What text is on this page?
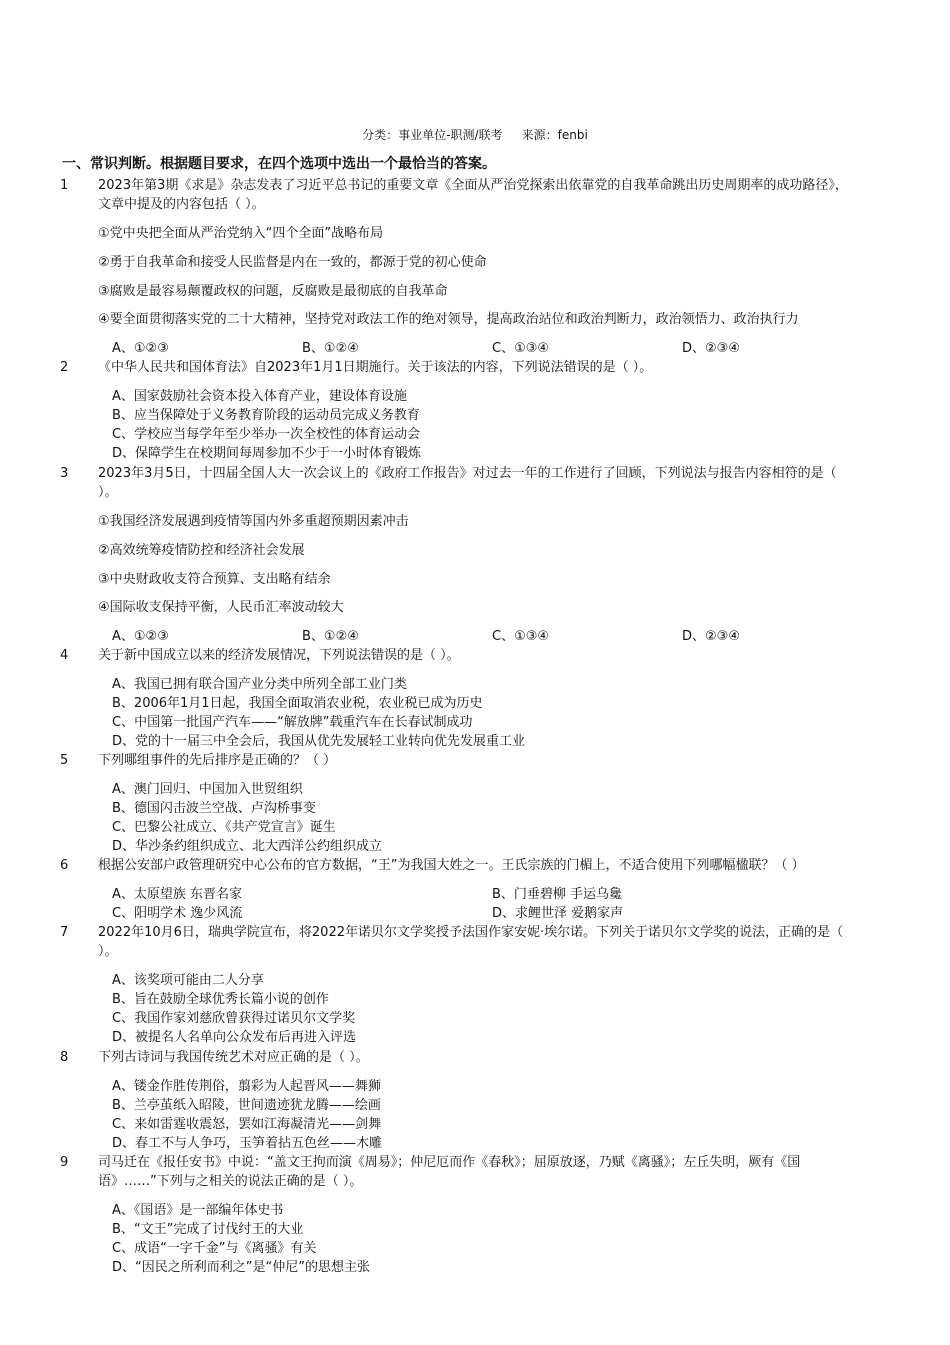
分类：事业单位-职测/联考 来源：fenbi
一、常识判断。根据题目要求，在四个选项中选出一个最恰当的答案。
1 2023年第3期《求是》杂志发表了习近平总书记的重要文章《全面从严治党探索出依靠党的自我革命跳出历史周期率的成功路径》，文章中提及的内容包括（ ）。
①党中央把全面从严治党纳入“四个全面”战略布局
②勇于自我革命和接受人民监督是内在一致的，都源于党的初心使命
③腐败是最容易颠覆政权的问题，反腐败是最彻底的自我革命
④要全面贯彻落实党的二十大精神，坚持党对政法工作的绝对领导，提高政治站位和政治判断力，政治领悟力、政治执行力
A、①②③	B、①②④	C、①③④	D、②③④
2 《中华人民共和国体育法》自2023年1月1日期施行。关于该法的内容，下列说法错误的是（ ）。
A、国家鼓励社会资本投入体育产业，建设体育设施
B、应当保障处于义务教育阶段的运动员完成义务教育
C、学校应当每学年至少举办一次全校性的体育运动会
D、保障学生在校期间每周参加不少于一小时体育锻炼
3 2023年3月5日，十四届全国人大一次会议上的《政府工作报告》对过去一年的工作进行了回顾，下列说法与报告内容相符的是（ ）。
①我国经济发展遇到疫情等国内外多重超预期因素冲击
②高效统筹疫情防控和经济社会发展
③中央财政收支符合预算、支出略有结余
④国际收支保持平衡，人民币汇率波动较大
A、①②③	B、①②④	C、①③④	D、②③④
4 关于新中国成立以来的经济发展情况，下列说法错误的是（ ）。
A、我国已拥有联合国产业分类中所列全部工业门类
B、2006年1月1日起，我国全面取消农业税，农业税已成为历史
C、中国第一批国产汽车——“解放牌”载重汽车在长春试制成功
D、党的十一届三中全会后，我国从优先发展轻工业转向优先发展重工业
5 下列哪组事件的先后排序是正确的？（ ）
A、澳门回归、中国加入世贸组织
B、德国闪击波兰空战、卢沟桥事变
C、巴黎公社成立、《共产党宣言》诞生
D、华沙条约组织成立、北大西洋公约组织成立
6 根据公安部户政管理研究中心公布的官方数据，“王”为我国大姓之一。王氏宗族的门楣上，不适合使用下列哪幅楹联？（ ）
A、太原望族 东晋名家	B、门垂碧柳 手运乌毚
C、阳明学术 逸少风流	D、求鲤世泽 爱鹅家声
7 2022年10月6日，瑞典学院宣布，将2022年诺贝尔文学奖授予法国作家安妮·埃尔诺。下列关于诺贝尔文学奖的说法，正确的是（ ）。
A、该奖项可能由二人分享
B、旨在鼓励全球优秀长篇小说的创作
C、我国作家刘慈欣曾获得过诺贝尔文学奖
D、被提名人名单向公众发布后再进入评选
8 下列古诗词与我国传统艺术对应正确的是（ ）。
A、镂金作胜传荆俗，翦彩为人起晋风——舞狮
B、兰亭茧纸入昭陵，世间遗迹犹龙腾——绘画
C、来如雷霆收震怒，罢如江海凝清光——剑舞
D、春工不与人争巧，玉笋着拈五色丝——木雕
9 司马迁在《报任安书》中说：“盖文王拘而演《周易》；仲尼厄而作《春秋》；屈原放逐，乃赋《离骚》；左丘失明，厥有《国语》……”下列与之相关的说法正确的是（ ）。
A、《国语》是一部编年体史书
B、“文王”完成了讨伐纣王的大业
C、成语“一字千金”与《离骚》有关
D、“因民之所利而利之”是“仲尼”的思想主张
